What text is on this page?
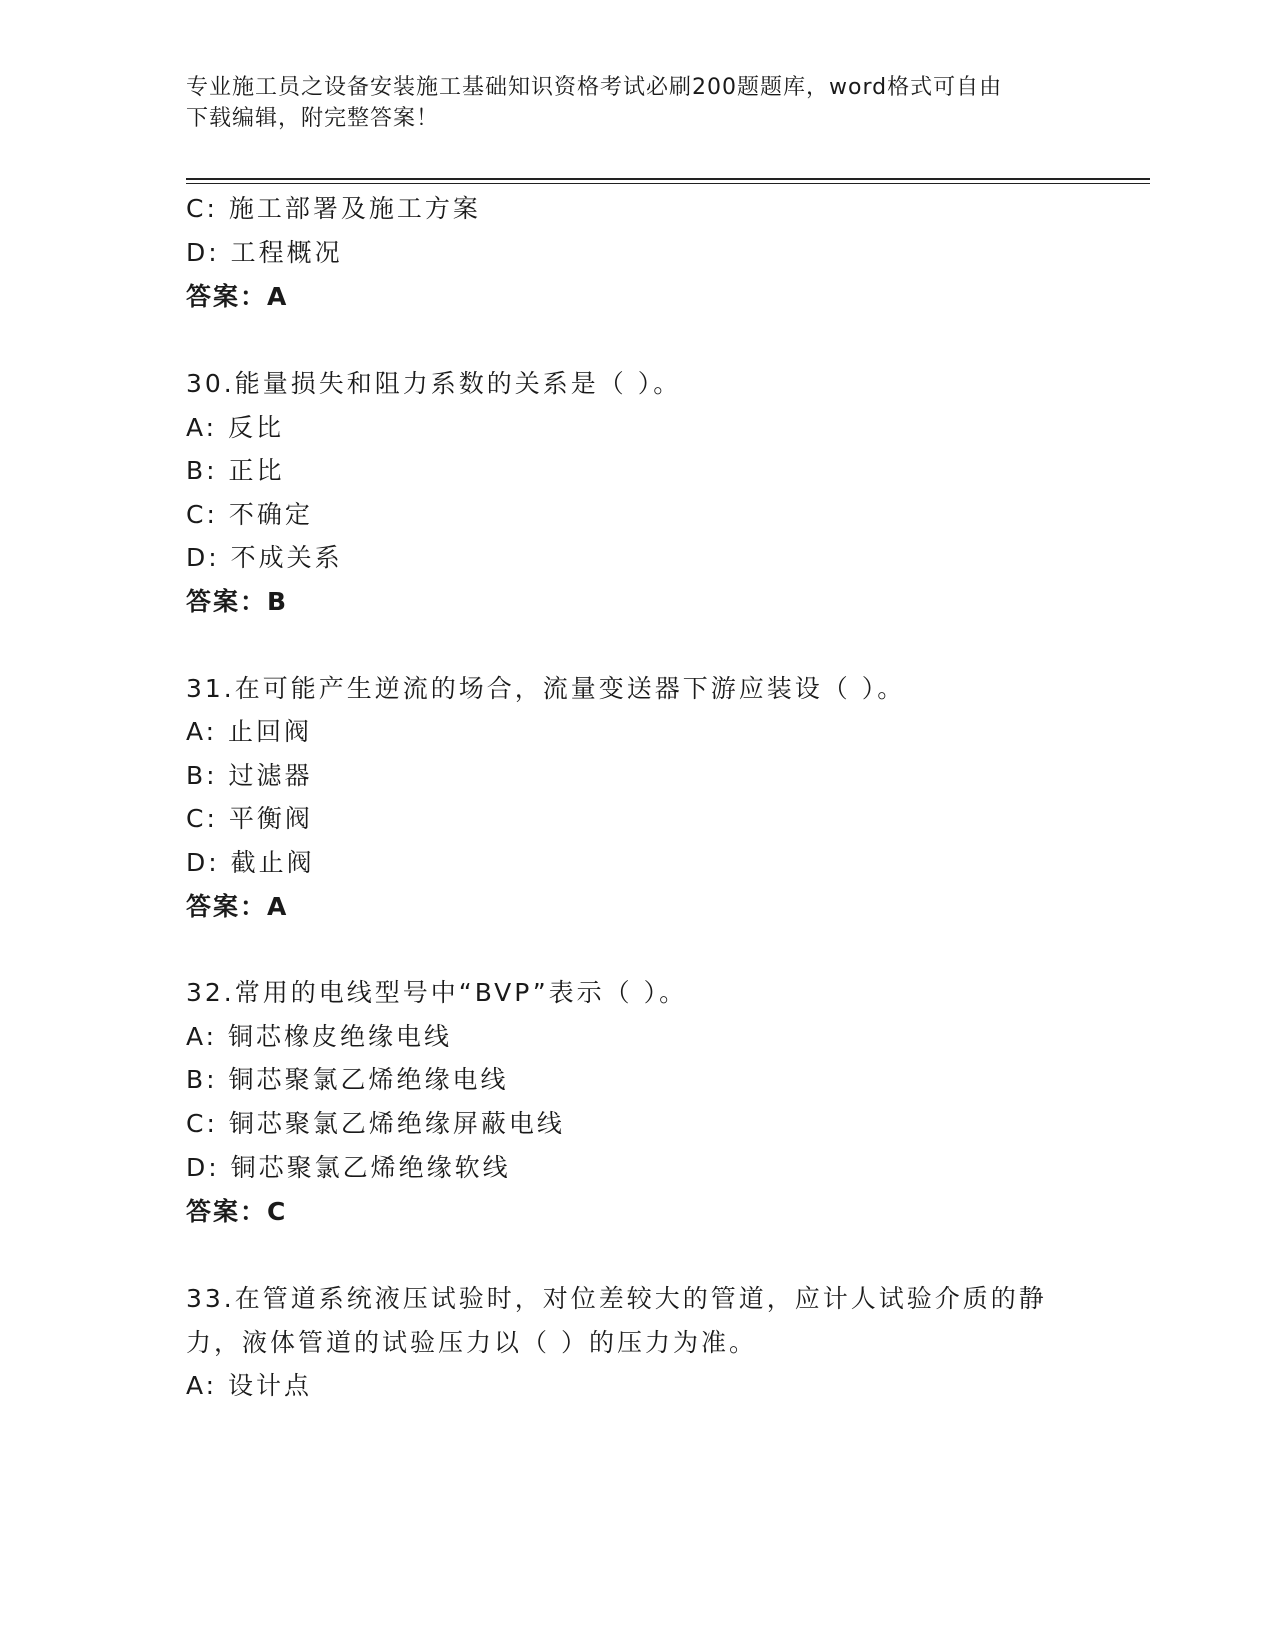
专业施工员之设备安装施工基础知识资格考试必刷200题题库，word格式可自由
下载编辑，附完整答案！
C: 施工部署及施工方案
D: 工程概况
答案：A
30.能量损失和阻力系数的关系是（ ）。
A: 反比
B: 正比
C: 不确定
D: 不成关系
答案：B
31.在可能产生逆流的场合，流量变送器下游应装设（ ）。
A: 止回阀
B: 过滤器
C: 平衡阀
D: 截止阀
答案：A
32.常用的电线型号中“BVP”表示（ ）。
A: 铜芯橡皮绝缘电线
B: 铜芯聚氯乙烯绝缘电线
C: 铜芯聚氯乙烯绝缘屏蔽电线
D: 铜芯聚氯乙烯绝缘软线
答案：C
33.在管道系统液压试验时，对位差较大的管道，应计人试验介质的静
力，液体管道的试验压力以（ ）的压力为准。
A: 设计点
